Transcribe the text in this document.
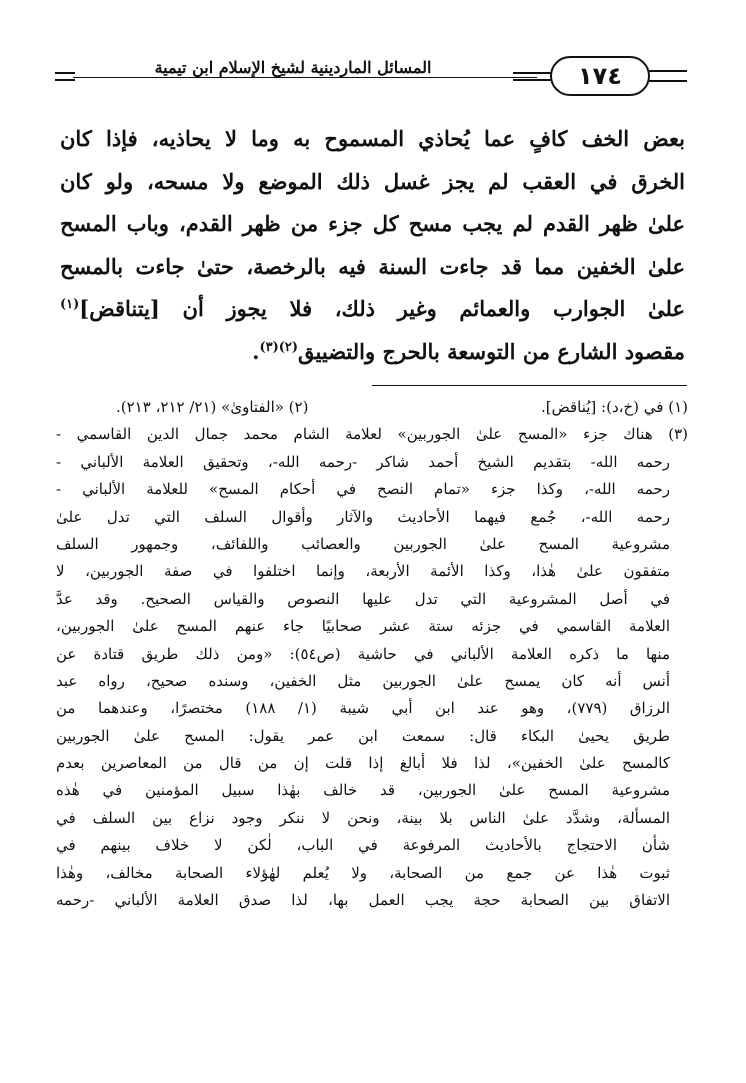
المسائل الماردينية لشيخ الإسلام ابن تيمية	١٧٤
بعض الخف كافٍ عما يُحاذي المسموح به وما لا يحاذيه، فإذا كان
الخرق في العقب لم يجز غسل ذلك الموضع ولا مسحه، ولو كان
علىٰ ظهر القدم لم يجب مسح كل جزء من ظهر القدم، وباب المسح
علىٰ الخفين مما قد جاءت السنة فيه بالرخصة، حتىٰ جاءت بالمسح
علىٰ الجوارب والعمائم وغير ذلك، فلا يجوز أن [يتناقض]$^{(١)}$
مقصود الشارع من التوسعة بالحرج والتضييق$^{(٢)(٣)}$.
(١) في (خ،د): [يُناقض].
(٢) «الفتاوىٰ» (٢١/ ٢١٢، ٢١٣).
(٣) هناك جزء «المسح علىٰ الجوربين» لعلامة الشام محمد جمال الدين القاسمي -
رحمه الله- بتقديم الشيخ أحمد شاكر -رحمه الله-، وتحقيق العلامة الألباني -
رحمه الله-، وكذا جزء «تمام النصح في أحكام المسح» للعلامة الألباني -
رحمه الله-، جُمع فيهما الأحاديث والآثار وأقوال السلف التي تدل علىٰ
مشروعية المسح علىٰ الجوربين والعصائب واللفائف، وجمهور السلف
متفقون علىٰ هٰذا، وكذا الأئمة الأربعة، وإنما اختلفوا في صفة الجوربين، لا
في أصل المشروعية التي تدل عليها النصوص والقياس الصحيح. وقد عدَّ
العلامة القاسمي في جزئه ستة عشر صحابيًا جاء عنهم المسح علىٰ الجوربين،
منها ما ذكره العلامة الألباني في حاشية (ص٥٤): «ومن ذلك طريق قتادة عن
أنس أنه كان يمسح علىٰ الجوربين مثل الخفين، وسنده صحيح، رواه عبد
الرزاق (٧٧٩)، وهو عند ابن أبي شيبة (١/ ١٨٨) مختصرًا، وعندهما من
طريق يحيىٰ البكاء قال: سمعت ابن عمر يقول: المسح علىٰ الجوربين
كالمسح علىٰ الخفين»، لذا فلا أبالغ إذا قلت إن من قال من المعاصرين بعدم
مشروعية المسح علىٰ الجوربين، قد خالف بهٰذا سبيل المؤمنين في هٰذه
المسألة، وشدَّد علىٰ الناس بلا بينة، ونحن لا ننكر وجود نزاع بين السلف في
شأن الاحتجاج بالأحاديث المرفوعة في الباب، لٰكن لا خلاف بينهم في
ثبوت هٰذا عن جمع من الصحابة، ولا يُعلم لهٰؤلاء الصحابة مخالف، وهٰذا
الاتفاق بين الصحابة حجة يجب العمل بها، لذا صدق العلامة الألباني -رحمه
